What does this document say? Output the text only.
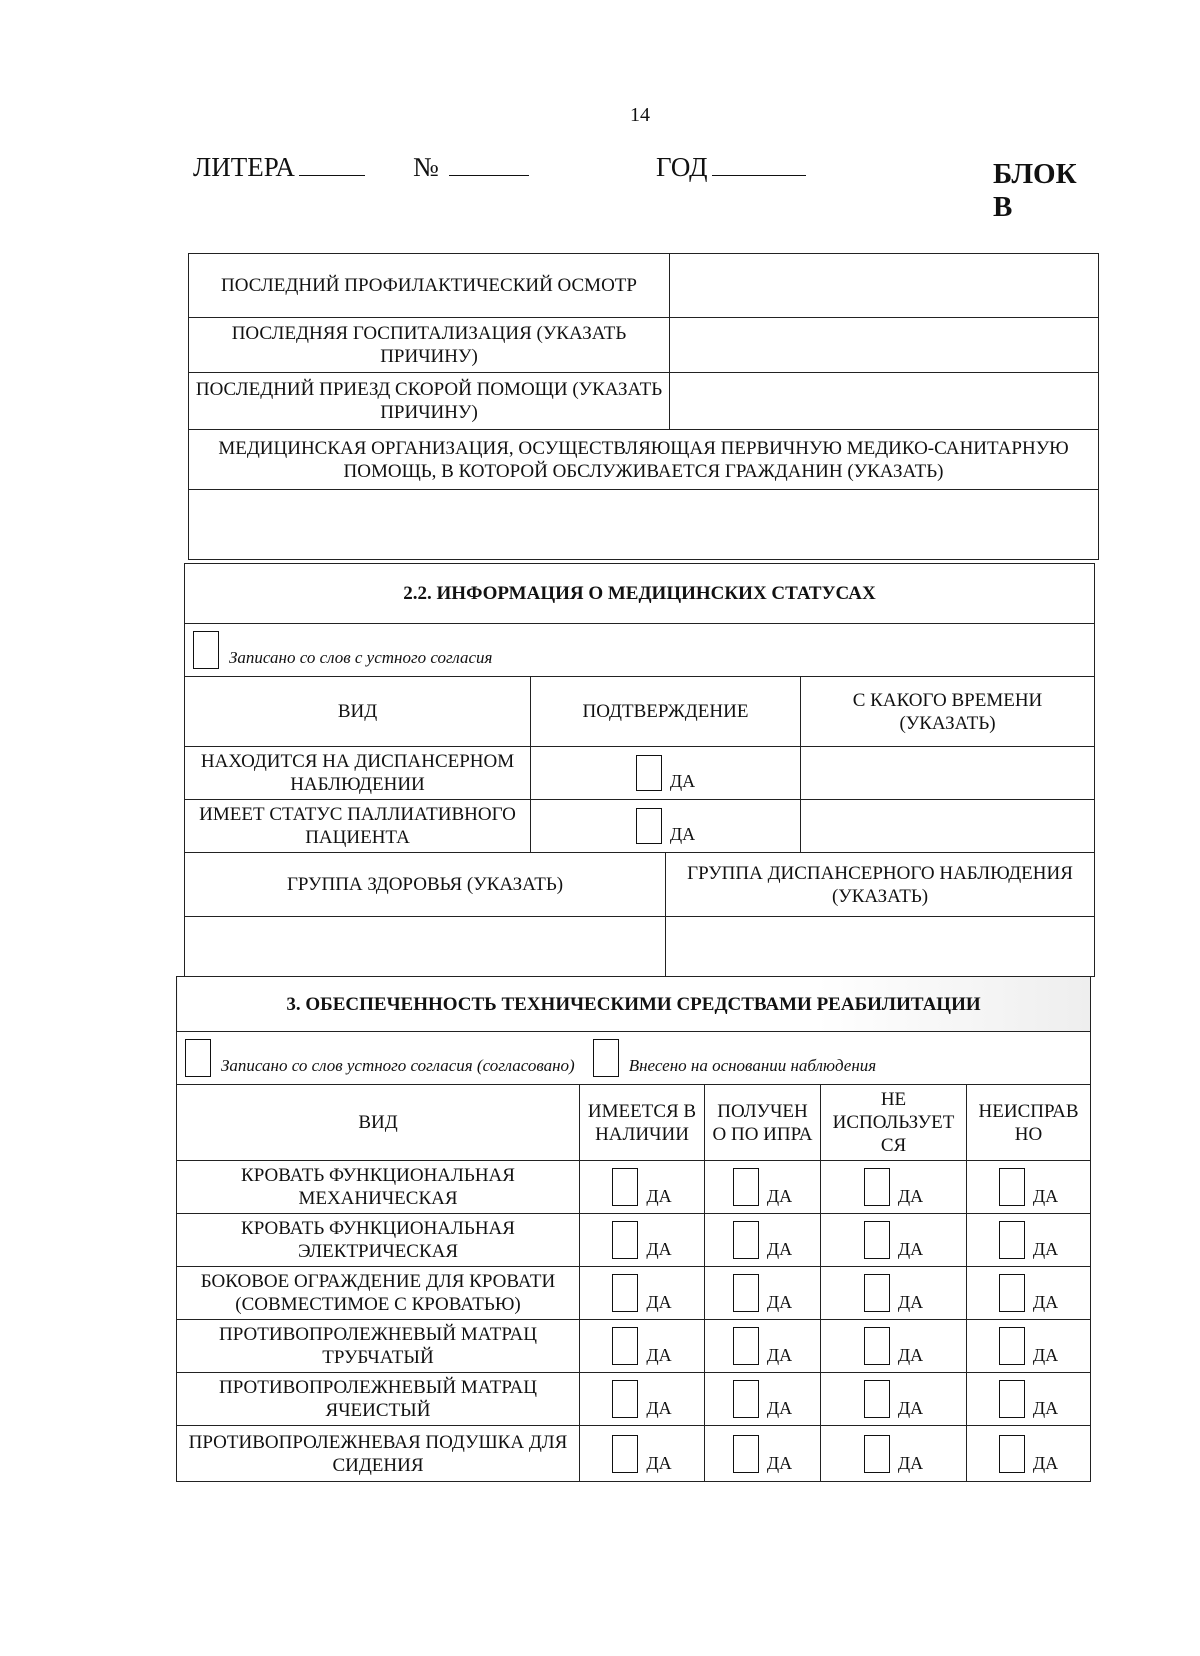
14
ЛИТЕРА	№	ГОД	БЛОК В
ПОСЛЕДНИЙ ПРОФИЛАКТИЧЕСКИЙ ОСМОТР	
ПОСЛЕДНЯЯ ГОСПИТАЛИЗАЦИЯ (УКАЗАТЬ ПРИЧИНУ)	
ПОСЛЕДНИЙ ПРИЕЗД СКОРОЙ ПОМОЩИ (УКАЗАТЬ ПРИЧИНУ)	
МЕДИЦИНСКАЯ ОРГАНИЗАЦИЯ, ОСУЩЕСТВЛЯЮЩАЯ ПЕРВИЧНУЮ МЕДИКО-САНИТАРНУЮ ПОМОЩЬ, В КОТОРОЙ ОБСЛУЖИВАЕТСЯ ГРАЖДАНИН (УКАЗАТЬ)	

2.2. ИНФОРМАЦИЯ О МЕДИЦИНСКИХ СТАТУСАХ			

Записано со слов с устного согласия			

ВИД	ПОДТВЕРЖДЕНИЕ		С КАКОГО ВРЕМЕНИ (УКАЗАТЬ)
НАХОДИТСЯ НА ДИСПАНСЕРНОМ НАБЛЮДЕНИИ	ДА		
ИМЕЕТ СТАТУС ПАЛЛИАТИВНОГО ПАЦИЕНТА	ДА		
ГРУППА ЗДОРОВЬЯ (УКАЗАТЬ)		ГРУППА ДИСПАНСЕРНОГО НАБЛЮДЕНИЯ (УКАЗАТЬ)	

3. ОБЕСПЕЧЕННОСТЬ ТЕХНИЧЕСКИМИ СРЕДСТВАМИ РЕАБИЛИТАЦИИ				

Записано со слов устного согласия (согласовано) Внесено на основании наблюдения				

ВИД	ИМЕЕТСЯ В НАЛИЧИИ	ПОЛУЧЕН О ПО ИПРА	НЕ ИСПОЛЬЗУЕТ СЯ	НЕИСПРАВ НО
КРОВАТЬ ФУНКЦИОНАЛЬНАЯ МЕХАНИЧЕСКАЯ	ДА	ДА	ДА	ДА
КРОВАТЬ ФУНКЦИОНАЛЬНАЯ ЭЛЕКТРИЧЕСКАЯ	ДА	ДА	ДА	ДА
БОКОВОЕ ОГРАЖДЕНИЕ ДЛЯ КРОВАТИ (СОВМЕСТИМОЕ С КРОВАТЬЮ)	ДА	ДА	ДА	ДА
ПРОТИВОПРОЛЕЖНЕВЫЙ МАТРАЦ ТРУБЧАТЫЙ	ДА	ДА	ДА	ДА
ПРОТИВОПРОЛЕЖНЕВЫЙ МАТРАЦ ЯЧЕИСТЫЙ	ДА	ДА	ДА	ДА
ПРОТИВОПРОЛЕЖНЕВАЯ ПОДУШКА ДЛЯ СИДЕНИЯ	ДА	ДА	ДА	ДА
